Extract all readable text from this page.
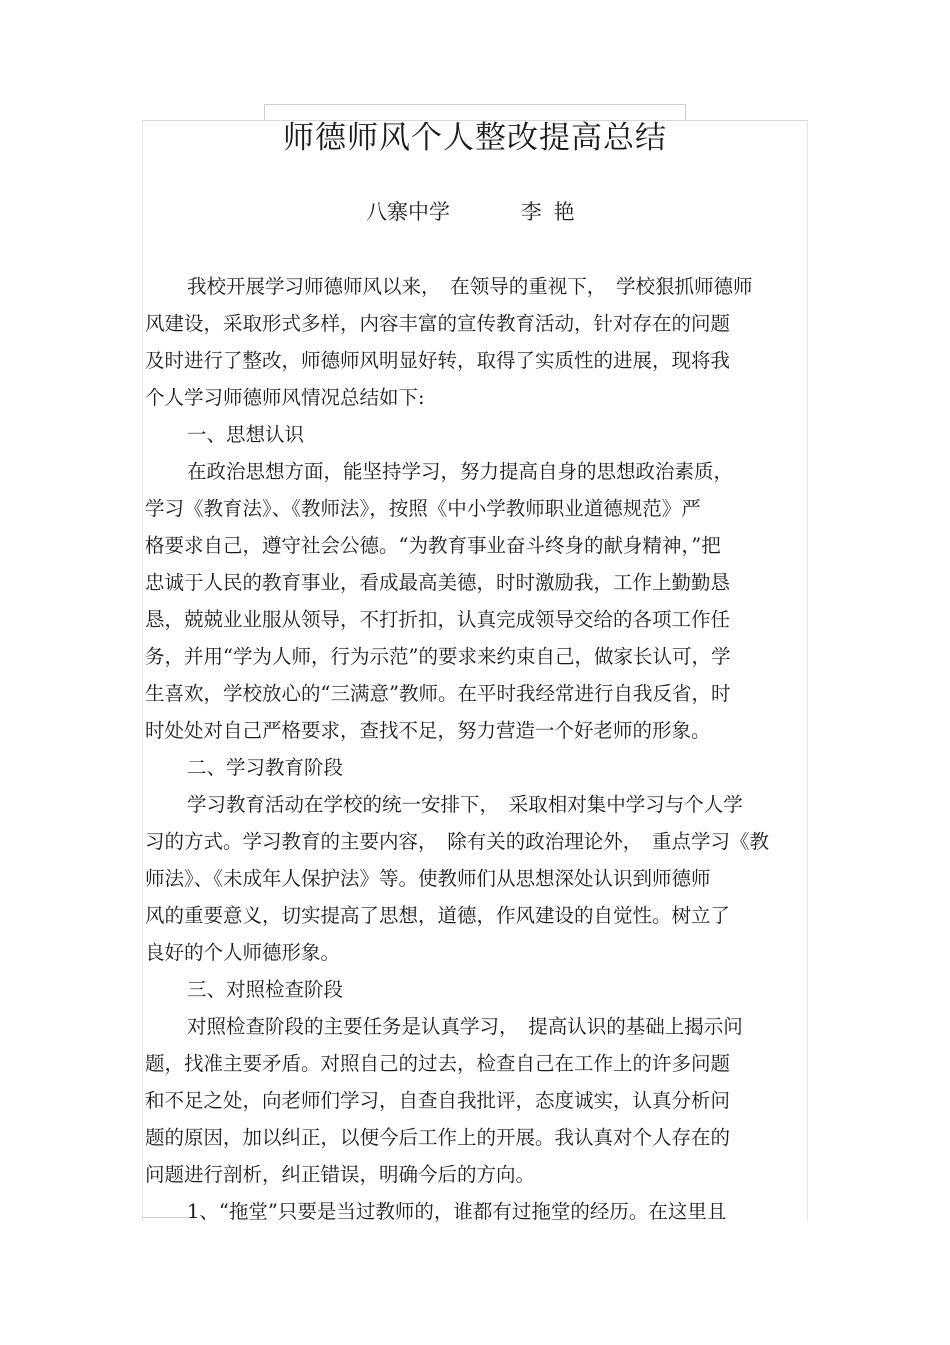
师德师风个人整改提高总结
八寨中学	李艳
我校开展学习师德师风以来，　在领导的重视下，　学校狠抓师德师
风建设，采取形式多样，内容丰富的宣传教育活动，针对存在的问题
及时进行了整改，师德师风明显好转，取得了实质性的进展，现将我
个人学习师德师风情况总结如下:
一、思想认识
在政治思想方面，能坚持学习，努力提高自身的思想政治素质，
学习《教育法》、《教师法》，按照《中小学教师职业道德规范》严
格要求自己，遵守社会公德。“为教育事业奋斗终身的献身精神，”把
忠诚于人民的教育事业，看成最高美德，时时激励我，工作上勤勤恳
恳，兢兢业业服从领导，不打折扣，认真完成领导交给的各项工作任
务，并用“学为人师，行为示范”的要求来约束自己，做家长认可，学
生喜欢，学校放心的“三满意”教师。在平时我经常进行自我反省，时
时处处对自己严格要求，查找不足，努力营造一个好老师的形象。
二、学习教育阶段
学习教育活动在学校的统一安排下，　采取相对集中学习与个人学
习的方式。学习教育的主要内容，　除有关的政治理论外，　重点学习《教
师法》、《未成年人保护法》等。使教师们从思想深处认识到师德师
风的重要意义，切实提高了思想，道德，作风建设的自觉性。树立了
良好的个人师德形象。
三、对照检查阶段
对照检查阶段的主要任务是认真学习，　提高认识的基础上揭示问
题，找准主要矛盾。对照自己的过去，检查自己在工作上的许多问题
和不足之处，向老师们学习，自查自我批评，态度诚实，认真分析问
题的原因，加以纠正，以便今后工作上的开展。我认真对个人存在的
问题进行剖析，纠正错误，明确今后的方向。
1、“拖堂”只要是当过教师的，谁都有过拖堂的经历。在这里且
